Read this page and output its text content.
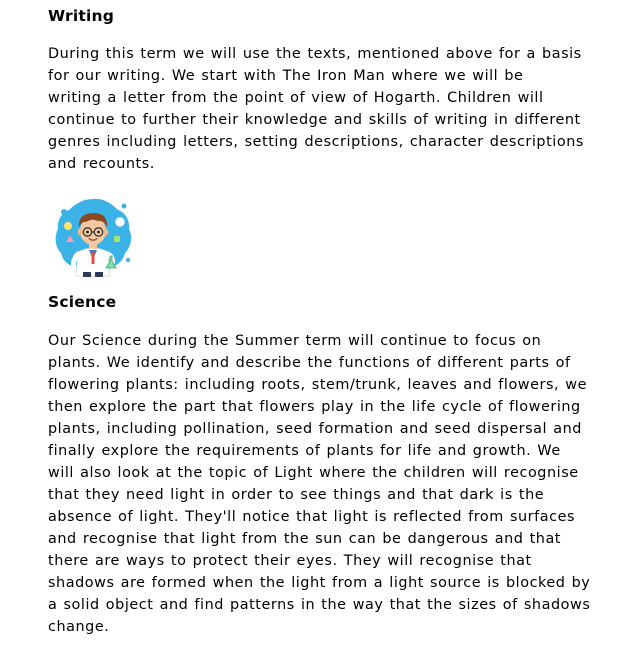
Writing

During this term we will use the texts, mentioned above for a basis
for our writing. We start with The Iron Man where we will be
writing a letter from the point of view of Hogarth. Children will
continue to further their knowledge and skills of writing in different
genres including letters, setting descriptions, character descriptions
and recounts.

Science

Our Science during the Summer term will continue to focus on
plants. We identify and describe the functions of different parts of
flowering plants: including roots, stem/trunk, leaves and flowers, we
then explore the part that flowers play in the life cycle of flowering
plants, including pollination, seed formation and seed dispersal and
finally explore the requirements of plants for life and growth. We
will also look at the topic of Light where the children will recognise
that they need light in order to see things and that dark is the
absence of light. They'll notice that light is reflected from surfaces
and recognise that light from the sun can be dangerous and that
there are ways to protect their eyes. They will recognise that
shadows are formed when the light from a light source is blocked by
a solid object and find patterns in the way that the sizes of shadows
change.
